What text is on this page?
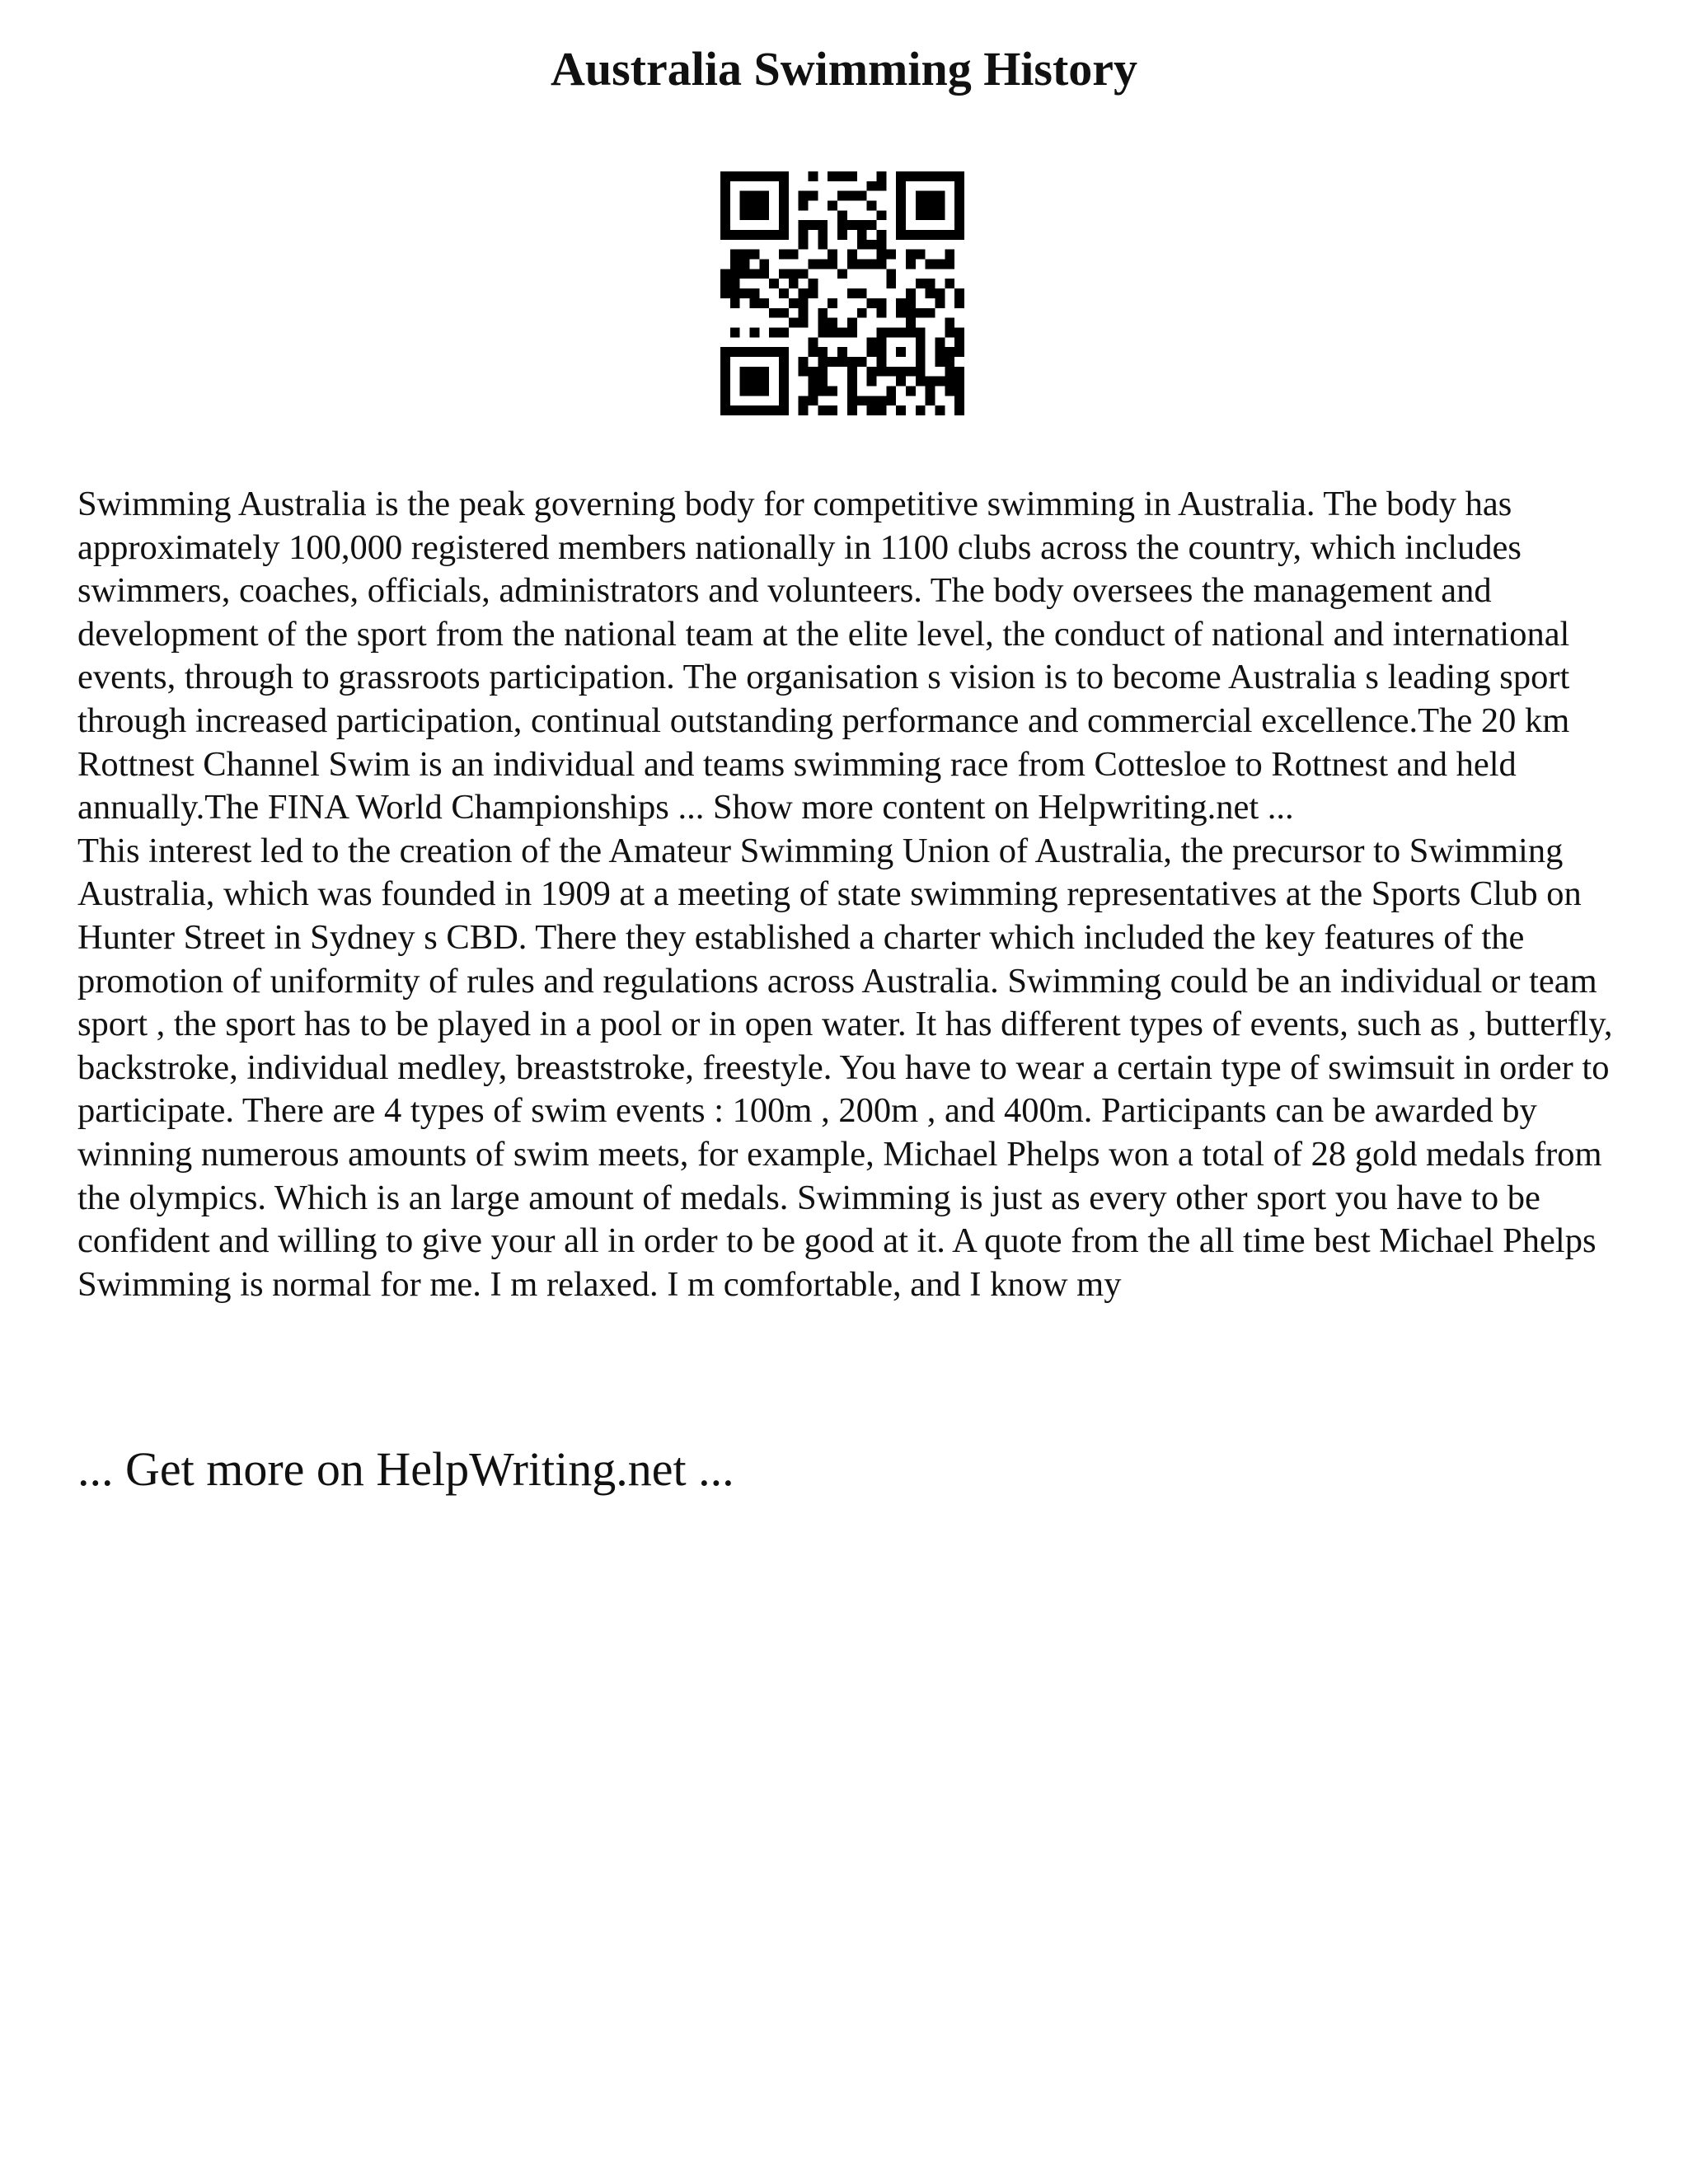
Australia Swimming History

Swimming Australia is the peak governing body for competitive swimming in Australia. The body has approximately 100,000 registered members nationally in 1100 clubs across the country, which includes swimmers, coaches, officials, administrators and volunteers. The body oversees the management and development of the sport from the national team at the elite level, the conduct of national and international events, through to grassroots participation. The organisation s vision is to become Australia s leading sport through increased participation, continual outstanding performance and commercial excellence.The 20 km Rottnest Channel Swim is an individual and teams swimming race from Cottesloe to Rottnest and held annually.The FINA World Championships ... Show more content on Helpwriting.net ...

This interest led to the creation of the Amateur Swimming Union of Australia, the precursor to Swimming Australia, which was founded in 1909 at a meeting of state swimming representatives at the Sports Club on Hunter Street in Sydney s CBD. There they established a charter which included the key features of the promotion of uniformity of rules and regulations across Australia. Swimming could be an individual or team sport , the sport has to be played in a pool or in open water. It has different types of events, such as , butterfly, backstroke, individual medley, breaststroke, freestyle. You have to wear a certain type of swimsuit in order to participate. There are 4 types of swim events : 100m , 200m , and 400m. Participants can be awarded by winning numerous amounts of swim meets, for example, Michael Phelps won a total of 28 gold medals from the olympics. Which is an large amount of medals. Swimming is just as every other sport you have to be confident and willing to give your all in order to be good at it. A quote from the all time best Michael Phelps Swimming is normal for me. I m relaxed. I m comfortable, and I know my

... Get more on HelpWriting.net ...
